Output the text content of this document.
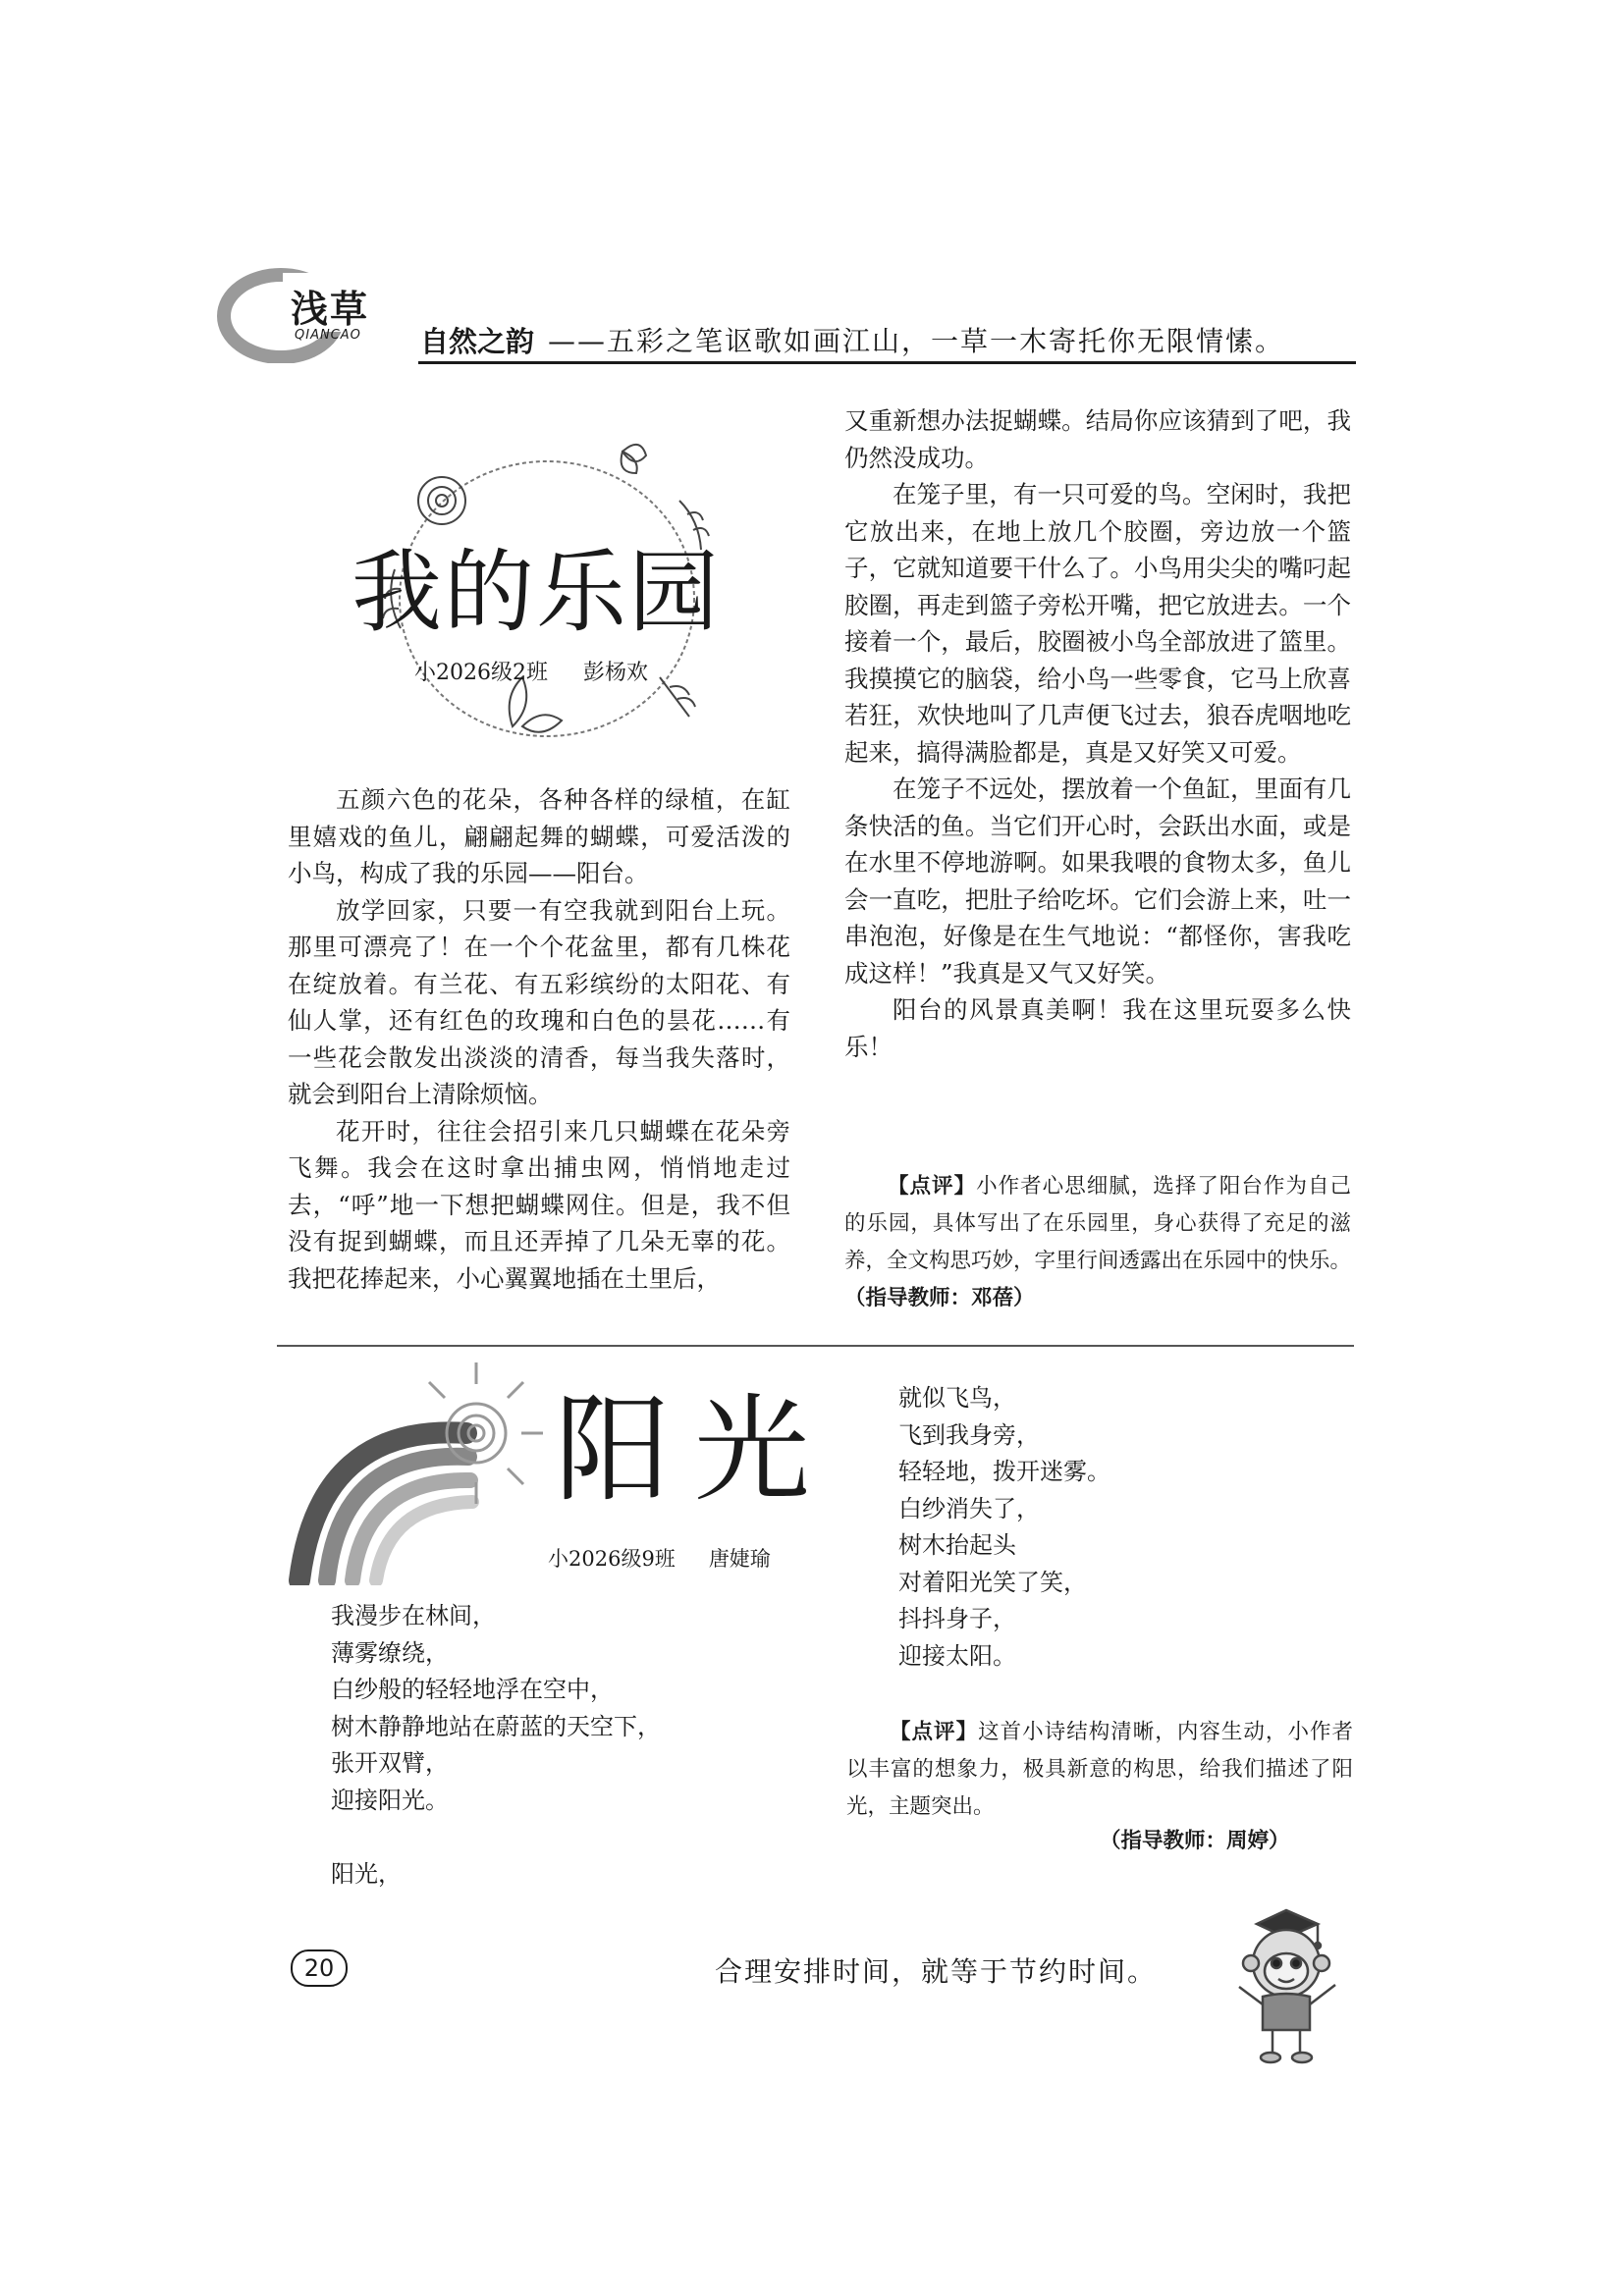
浅草
QIANCAO 自然之韵 ——五彩之笔讴歌如画江山，一草一木寄托你无限情愫。
我的乐园
小2026级2班 彭杨欢

五颜六色的花朵，各种各样的绿植，在缸里嬉戏的鱼儿，翩翩起舞的蝴蝶，可爱活泼的小鸟，构成了我的乐园——阳台。

放学回家，只要一有空我就到阳台上玩。那里可漂亮了！在一个个花盆里，都有几株花在绽放着。有兰花、有五彩缤纷的太阳花、有仙人掌，还有红色的玫瑰和白色的昙花……有一些花会散发出淡淡的清香，每当我失落时，就会到阳台上清除烦恼。

花开时，往往会招引来几只蝴蝶在花朵旁飞舞。我会在这时拿出捕虫网，悄悄地走过去，“呼”地一下想把蝴蝶网住。但是，我不但没有捉到蝴蝶，而且还弄掉了几朵无辜的花。我把花捧起来，小心翼翼地插在土里后，

又重新想办法捉蝴蝶。结局你应该猜到了吧，我仍然没成功。

在笼子里，有一只可爱的鸟。空闲时，我把它放出来，在地上放几个胶圈，旁边放一个篮子，它就知道要干什么了。小鸟用尖尖的嘴叼起胶圈，再走到篮子旁松开嘴，把它放进去。一个接着一个，最后，胶圈被小鸟全部放进了篮里。我摸摸它的脑袋，给小鸟一些零食，它马上欣喜若狂，欢快地叫了几声便飞过去，狼吞虎咽地吃起来，搞得满脸都是，真是又好笑又可爱。

在笼子不远处，摆放着一个鱼缸，里面有几条快活的鱼。当它们开心时，会跃出水面，或是在水里不停地游啊。如果我喂的食物太多，鱼儿会一直吃，把肚子给吃坏。它们会游上来，吐一串泡泡，好像是在生气地说：“都怪你，害我吃成这样！”我真是又气又好笑。

阳台的风景真美啊！我在这里玩耍多么快乐！

【点评】小作者心思细腻，选择了阳台作为自己的乐园，具体写出了在乐园里，身心获得了充足的滋养，全文构思巧妙，字里行间透露出在乐园中的快乐。（指导教师：邓蓓）
阳光
小2026级9班 唐婕瑜
我漫步在林间，
薄雾缭绕，
白纱般的轻轻地浮在空中，
树木静静地站在蔚蓝的天空下，
张开双臂，
迎接阳光。
阳光，
就似飞鸟，
飞到我身旁，
轻轻地，拨开迷雾。
白纱消失了，
树木抬起头
对着阳光笑了笑，
抖抖身子，
迎接太阳。
【点评】这首小诗结构清晰，内容生动，小作者以丰富的想象力，极具新意的构思，给我们描述了阳光，主题突出。
（指导教师：周婷）
20	合理安排时间，就等于节约时间。
